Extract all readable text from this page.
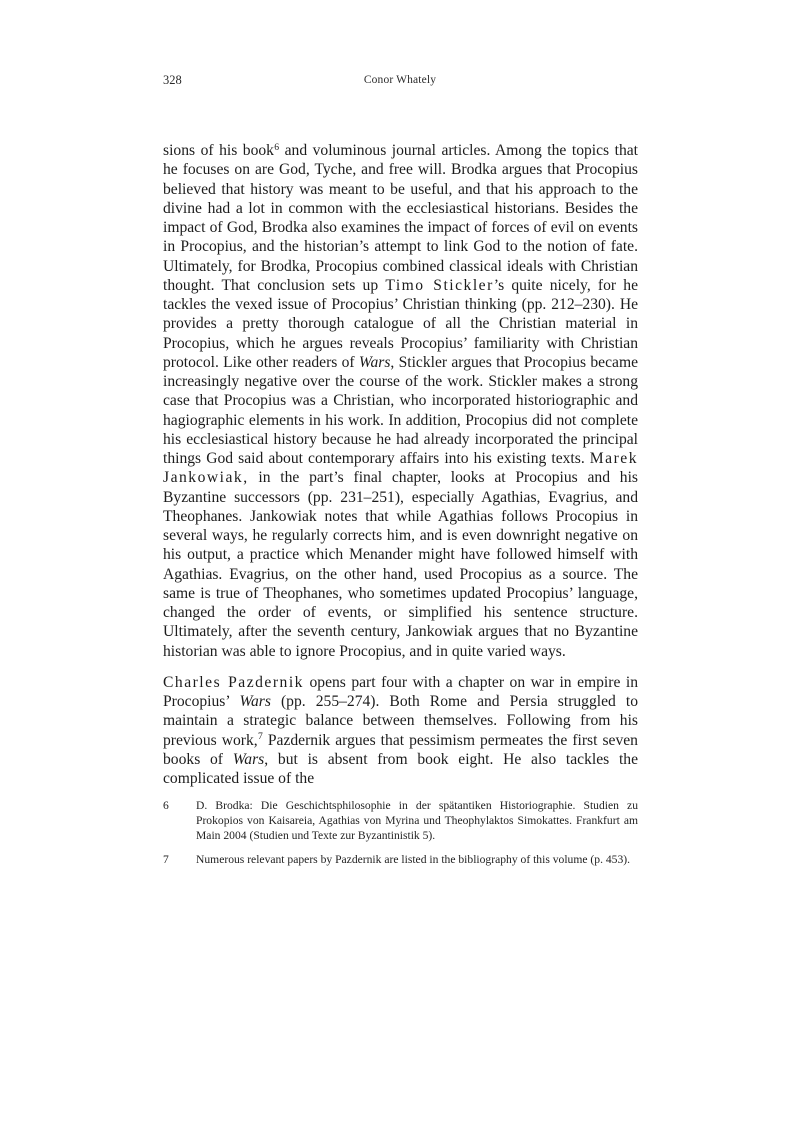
328	Conor Whately

sions of his book$^6$ and voluminous journal articles. Among the topics that he focuses on are God, Tyche, and free will. Brodka argues that Procopius believed that history was meant to be useful, and that his approach to the divine had a lot in common with the ecclesiastical historians. Besides the impact of God, Brodka also examines the impact of forces of evil on events in Procopius, and the historian’s attempt to link God to the notion of fate. Ultimately, for Brodka, Procopius combined classical ideals with Christian thought. That conclusion sets up Timo Stickler’s quite nicely, for he tackles the vexed issue of Procopius’ Christian thinking (pp. 212–230). He provides a pretty thorough catalogue of all the Christian material in Procopius, which he argues reveals Procopius’ familiarity with Christian protocol. Like other readers of Wars, Stickler argues that Procopius became increasingly negative over the course of the work. Stickler makes a strong case that Procopius was a Christian, who incorporated historiographic and hagiographic elements in his work. In addition, Procopius did not complete his ecclesiastical history because he had already incorporated the principal things God said about contemporary affairs into his existing texts. Marek Jankowiak, in the part’s final chapter, looks at Procopius and his Byzantine successors (pp. 231–251), especially Agathias, Evagrius, and Theophanes. Jankowiak notes that while Agathias follows Procopius in several ways, he regularly corrects him, and is even downright negative on his output, a practice which Menander might have followed himself with Agathias. Evagrius, on the other hand, used Procopius as a source. The same is true of Theophanes, who sometimes updated Procopius’ language, changed the order of events, or simplified his sentence structure. Ultimately, after the seventh century, Jankowiak argues that no Byzantine historian was able to ignore Procopius, and in quite varied ways.

Charles Pazdernik opens part four with a chapter on war in empire in Procopius’ Wars (pp. 255–274). Both Rome and Persia struggled to maintain a strategic balance between themselves. Following from his previous work,$^7$ Pazdernik argues that pessimism permeates the first seven books of Wars, but is absent from book eight. He also tackles the complicated issue of the

6	D. Brodka: Die Geschichtsphilosophie in der spätantiken Historiographie. Studien zu Prokopios von Kaisareia, Agathias von Myrina und Theophylaktos Simokattes. Frankfurt am Main 2004 (Studien und Texte zur Byzantinistik 5).
7	Numerous relevant papers by Pazdernik are listed in the bibliography of this volume (p. 453).
